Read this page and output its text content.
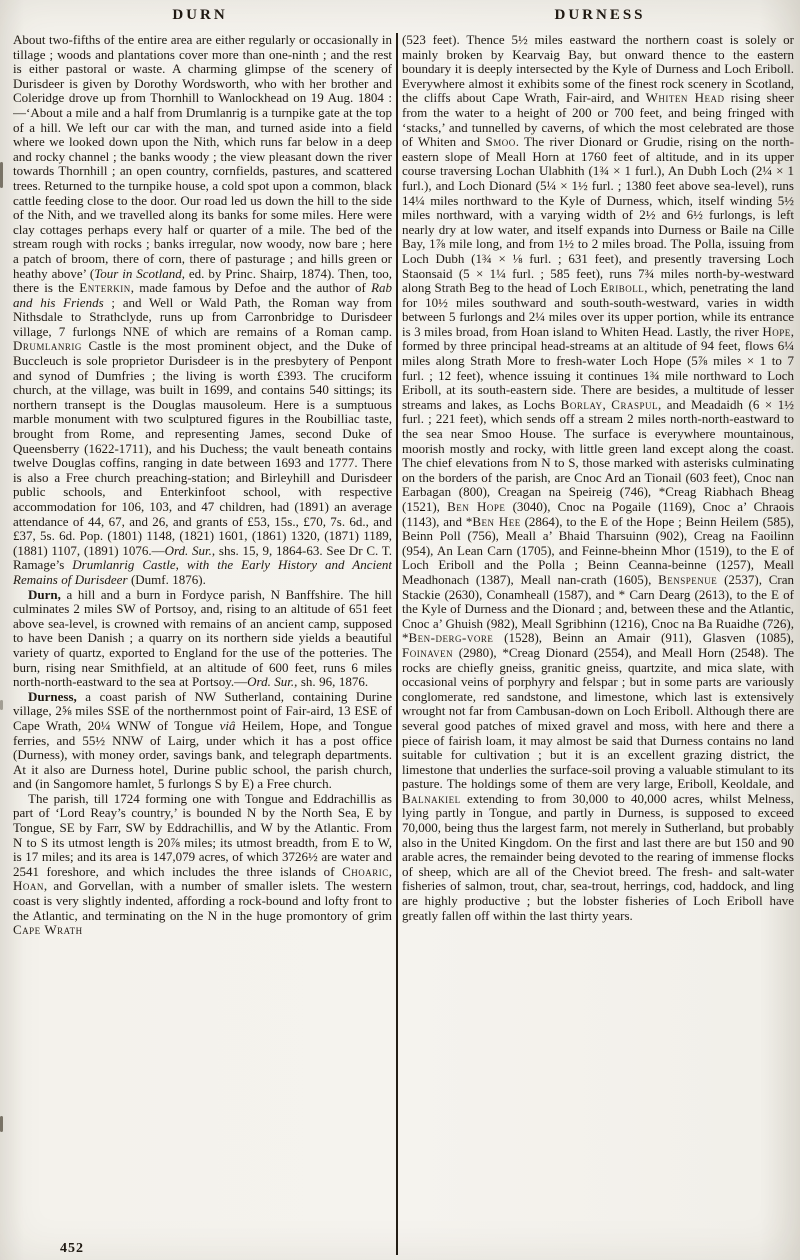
DURN	DURNESS

About two-fifths of the entire area are either regularly or occasionally in tillage ; woods and plantations cover more than one-ninth ; and the rest is either pastoral or waste. A charming glimpse of the scenery of Durisdeer is given by Dorothy Wordsworth, who with her brother and Coleridge drove up from Thornhill to Wanlockhead on 19 Aug. 1804 :—‘About a mile and a half from Drumlanrig is a turnpike gate at the top of a hill. We left our car with the man, and turned aside into a field where we looked down upon the Nith, which runs far below in a deep and rocky channel ; the banks woody ; the view pleasant down the river towards Thornhill ; an open country, cornfields, pastures, and scattered trees. Returned to the turnpike house, a cold spot upon a common, black cattle feeding close to the door. Our road led us down the hill to the side of the Nith, and we travelled along its banks for some miles. Here were clay cottages perhaps every half or quarter of a mile. The bed of the stream rough with rocks ; banks irregular, now woody, now bare ; here a patch of broom, there of corn, there of pasturage ; and hills green or heathy above’ (Tour in Scotland, ed. by Princ. Shairp, 1874). Then, too, there is the Enterkin, made famous by Defoe and the author of Rab and his Friends ; and Well or Wald Path, the Roman way from Nithsdale to Strathclyde, runs up from Carronbridge to Durisdeer village, 7 furlongs NNE of which are remains of a Roman camp. Drumlanrig Castle is the most prominent object, and the Duke of Buccleuch is sole proprietor Durisdeer is in the presbytery of Penpont and synod of Dumfries ; the living is worth £393. The cruciform church, at the village, was built in 1699, and contains 540 sittings; its northern transept is the Douglas mausoleum. Here is a sumptuous marble monument with two sculptured figures in the Roubilliac taste, brought from Rome, and representing James, second Duke of Queensberry (1622-1711), and his Duchess; the vault beneath contains twelve Douglas coffins, ranging in date between 1693 and 1777. There is also a Free church preaching-station; and Birleyhill and Durisdeer public schools, and Enterkinfoot school, with respective accommodation for 106, 103, and 47 children, had (1891) an average attendance of 44, 67, and 26, and grants of £53, 15s., £70, 7s. 6d., and £37, 5s. 6d. Pop. (1801) 1148, (1821) 1601, (1861) 1320, (1871) 1189, (1881) 1107, (1891) 1076.—Ord. Sur., shs. 15, 9, 1864-63. See Dr C. T. Ramage’s Drumlanrig Castle, with the Early History and Ancient Remains of Durisdeer (Dumf. 1876).

Durn, a hill and a burn in Fordyce parish, N Banffshire. The hill culminates 2 miles SW of Portsoy, and, rising to an altitude of 651 feet above sea-level, is crowned with remains of an ancient camp, supposed to have been Danish ; a quarry on its northern side yields a beautiful variety of quartz, exported to England for the use of the potteries. The burn, rising near Smithfield, at an altitude of 600 feet, runs 6 miles north-north-eastward to the sea at Portsoy.—Ord. Sur., sh. 96, 1876.

Durness, a coast parish of NW Sutherland, containing Durine village, 2⅝ miles SSE of the northernmost point of Fair-aird, 13 ESE of Cape Wrath, 20¼ WNW of Tongue viâ Heilem, Hope, and Tongue ferries, and 55½ NNW of Lairg, under which it has a post office (Durness), with money order, savings bank, and telegraph departments. At it also are Durness hotel, Durine public school, the parish church, and (in Sangomore hamlet, 5 furlongs S by E) a Free church.

The parish, till 1724 forming one with Tongue and Eddrachillis as part of ‘Lord Reay’s country,’ is bounded N by the North Sea, E by Tongue, SE by Farr, SW by Eddrachillis, and W by the Atlantic. From N to S its utmost length is 20⅞ miles; its utmost breadth, from E to W, is 17 miles; and its area is 147,079 acres, of which 3726½ are water and 2541 foreshore, and which includes the three islands of Choaric, Hoan, and Gorvellan, with a number of smaller islets. The western coast is very slightly indented, affording a rock-bound and lofty front to the Atlantic, and terminating on the N in the huge promontory of grim Cape Wrath

(523 feet). Thence 5½ miles eastward the northern coast is solely or mainly broken by Kearvaig Bay, but onward thence to the eastern boundary it is deeply intersected by the Kyle of Durness and Loch Eriboll. Everywhere almost it exhibits some of the finest rock scenery in Scotland, the cliffs about Cape Wrath, Fair-aird, and Whiten Head rising sheer from the water to a height of 200 or 700 feet, and being fringed with ‘stacks,’ and tunnelled by caverns, of which the most celebrated are those of Whiten and Smoo. The river Dionard or Grudie, rising on the north-eastern slope of Meall Horn at 1760 feet of altitude, and in its upper course traversing Lochan Ulabhith (1¾ × 1 furl.), An Dubh Loch (2¼ × 1 furl.), and Loch Dionard (5¼ × 1½ furl. ; 1380 feet above sea-level), runs 14¼ miles northward to the Kyle of Durness, which, itself winding 5½ miles northward, with a varying width of 2½ and 6½ furlongs, is left nearly dry at low water, and itself expands into Durness or Baile na Cille Bay, 1⅞ mile long, and from 1½ to 2 miles broad. The Polla, issuing from Loch Dubh (1¾ × ⅛ furl. ; 631 feet), and presently traversing Loch Staonsaid (5 × 1¼ furl. ; 585 feet), runs 7¾ miles north-by-westward along Strath Beg to the head of Loch Eriboll, which, penetrating the land for 10½ miles southward and south-south-westward, varies in width between 5 furlongs and 2¼ miles over its upper portion, while its entrance is 3 miles broad, from Hoan island to Whiten Head. Lastly, the river Hope, formed by three principal head-streams at an altitude of 94 feet, flows 6¼ miles along Strath More to fresh-water Loch Hope (5⅞ miles × 1 to 7 furl. ; 12 feet), whence issuing it continues 1¾ mile northward to Loch Eriboll, at its south-eastern side. There are besides, a multitude of lesser streams and lakes, as Lochs Borlay, Craspul, and Meadaidh (6 × 1½ furl. ; 221 feet), which sends off a stream 2 miles north-north-eastward to the sea near Smoo House. The surface is everywhere mountainous, moorish mostly and rocky, with little green land except along the coast. The chief elevations from N to S, those marked with asterisks culminating on the borders of the parish, are Cnoc Ard an Tionail (603 feet), Cnoc nan Earbagan (800), Creagan na Speireig (746), *Creag Riabhach Bheag (1521), Ben Hope (3040), Cnoc na Pogaile (1169), Cnoc a’ Chraois (1143), and *Ben Hee (2864), to the E of the Hope ; Beinn Heilem (585), Beinn Poll (756), Meall a’ Bhaid Tharsuinn (902), Creag na Faoilinn (954), An Lean Carn (1705), and Feinne-bheinn Mhor (1519), to the E of Loch Eriboll and the Polla ; Beinn Ceanna-beinne (1257), Meall Meadhonach (1387), Meall nan-crath (1605), Benspenue (2537), Cran Stackie (2630), Conamheall (1587), and * Carn Dearg (2613), to the E of the Kyle of Durness and the Dionard ; and, between these and the Atlantic, Cnoc a’ Ghuish (982), Meall Sgribhinn (1216), Cnoc na Ba Ruaidhe (726), *Ben-derg-vore (1528), Beinn an Amair (911), Glasven (1085), Foinaven (2980), *Creag Dionard (2554), and Meall Horn (2548). The rocks are chiefly gneiss, granitic gneiss, quartzite, and mica slate, with occasional veins of porphyry and felspar ; but in some parts are variously conglomerate, red sandstone, and limestone, which last is extensively wrought not far from Cambusan-down on Loch Eriboll. Although there are several good patches of mixed gravel and moss, with here and there a piece of fairish loam, it may almost be said that Durness contains no land suitable for cultivation ; but it is an excellent grazing district, the limestone that underlies the surface-soil proving a valuable stimulant to its pasture. The holdings some of them are very large, Eriboll, Keoldale, and Balnakiel extending to from 30,000 to 40,000 acres, whilst Melness, lying partly in Tongue, and partly in Durness, is supposed to exceed 70,000, being thus the largest farm, not merely in Sutherland, but probably also in the United Kingdom. On the first and last there are but 150 and 90 arable acres, the remainder being devoted to the rearing of immense flocks of sheep, which are all of the Cheviot breed. The fresh- and salt-water fisheries of salmon, trout, char, sea-trout, herrings, cod, haddock, and ling are highly productive ; but the lobster fisheries of Loch Eriboll have greatly fallen off within the last thirty years.

452
